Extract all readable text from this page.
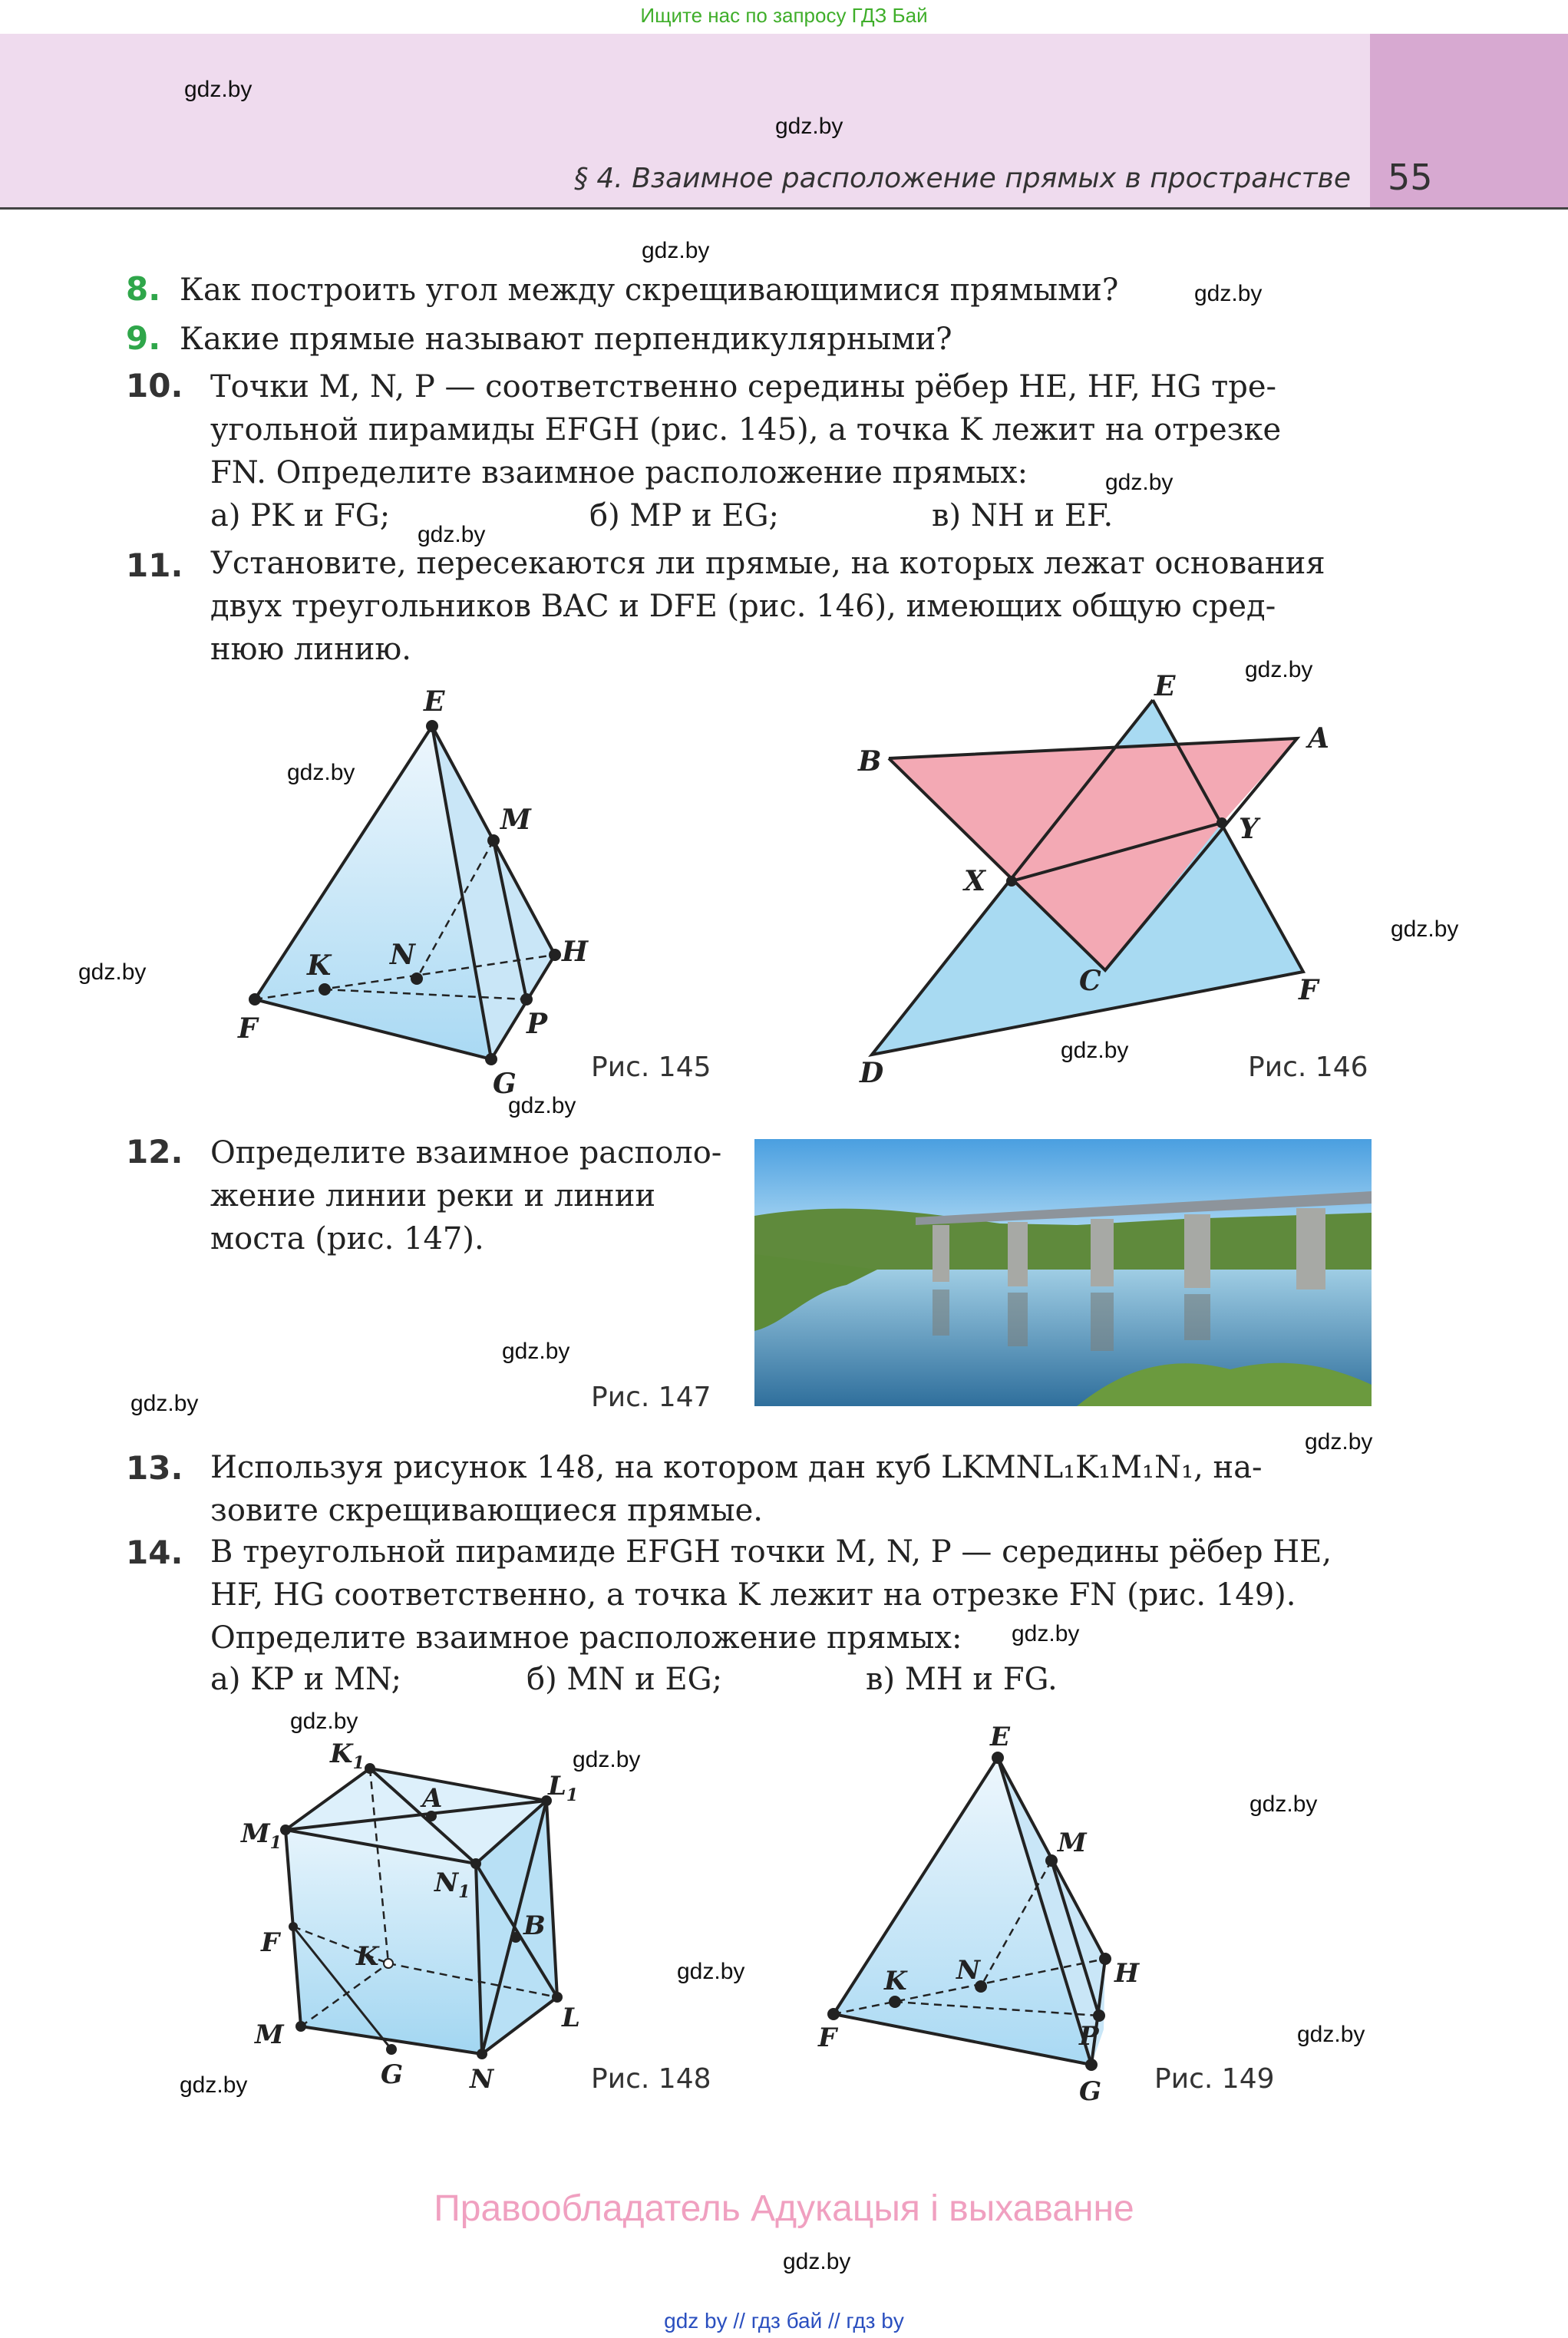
Ищите нас по запросу ГДЗ Бай
§ 4. Взаимное расположение прямых в пространстве 55
gdz.by
gdz.by
gdz.by
gdz.by
gdz.by
gdz.by
gdz.by
gdz.by
gdz.by
gdz.by
gdz.by
gdz.by
gdz.by
gdz.by
gdz.by
gdz.by
gdz.by
gdz.by
gdz.by
gdz.by
gdz.by
gdz.by
gdz.by
8. Как построить угол между скрещивающимися прямыми?
9. Какие прямые называют перпендикулярными?
10. Точки M, N, P — соответственно середины рёбер HE, HF, HG тре-
угольной пирамиды EFGH (рис. 145), а точка K лежит на отрезке
FN. Определите взаимное расположение прямых:
а) PK и FG;	б) MP и EG;	в) NH и EF.
11. Установите, пересекаются ли прямые, на которых лежат основания
двух треугольников BAC и DFE (рис. 146), имеющих общую сред-
нюю линию.
E
M
N	H
K
F	P
G
Рис. 145
E
A
B
X
Y
C	F
D	Рис. 146
12. Определите взаимное располо-
жение линии реки и линии
моста (рис. 147).
Рис. 147
13. Используя рисунок 148, на котором дан куб LKMNL₁K₁M₁N₁, на-
зовите скрещивающиеся прямые.
14. В треугольной пирамиде EFGH точки M, N, P — середины рёбер HE,
HF, HG соответственно, а точка K лежит на отрезке FN (рис. 149).
Определите взаимное расположение прямых:
а) KP и MN;	б) MN и EG;	в) MH и FG.
$K_1$
A	$L_1$
$M_1$
$N_1$
B
F	K
M
L
G	N	Рис. 148
E
M
N	H
K
F	P
G Рис. 149
Правообладатель Адукацыя і выхаванне
gdz by // гдз бай // гдз by
